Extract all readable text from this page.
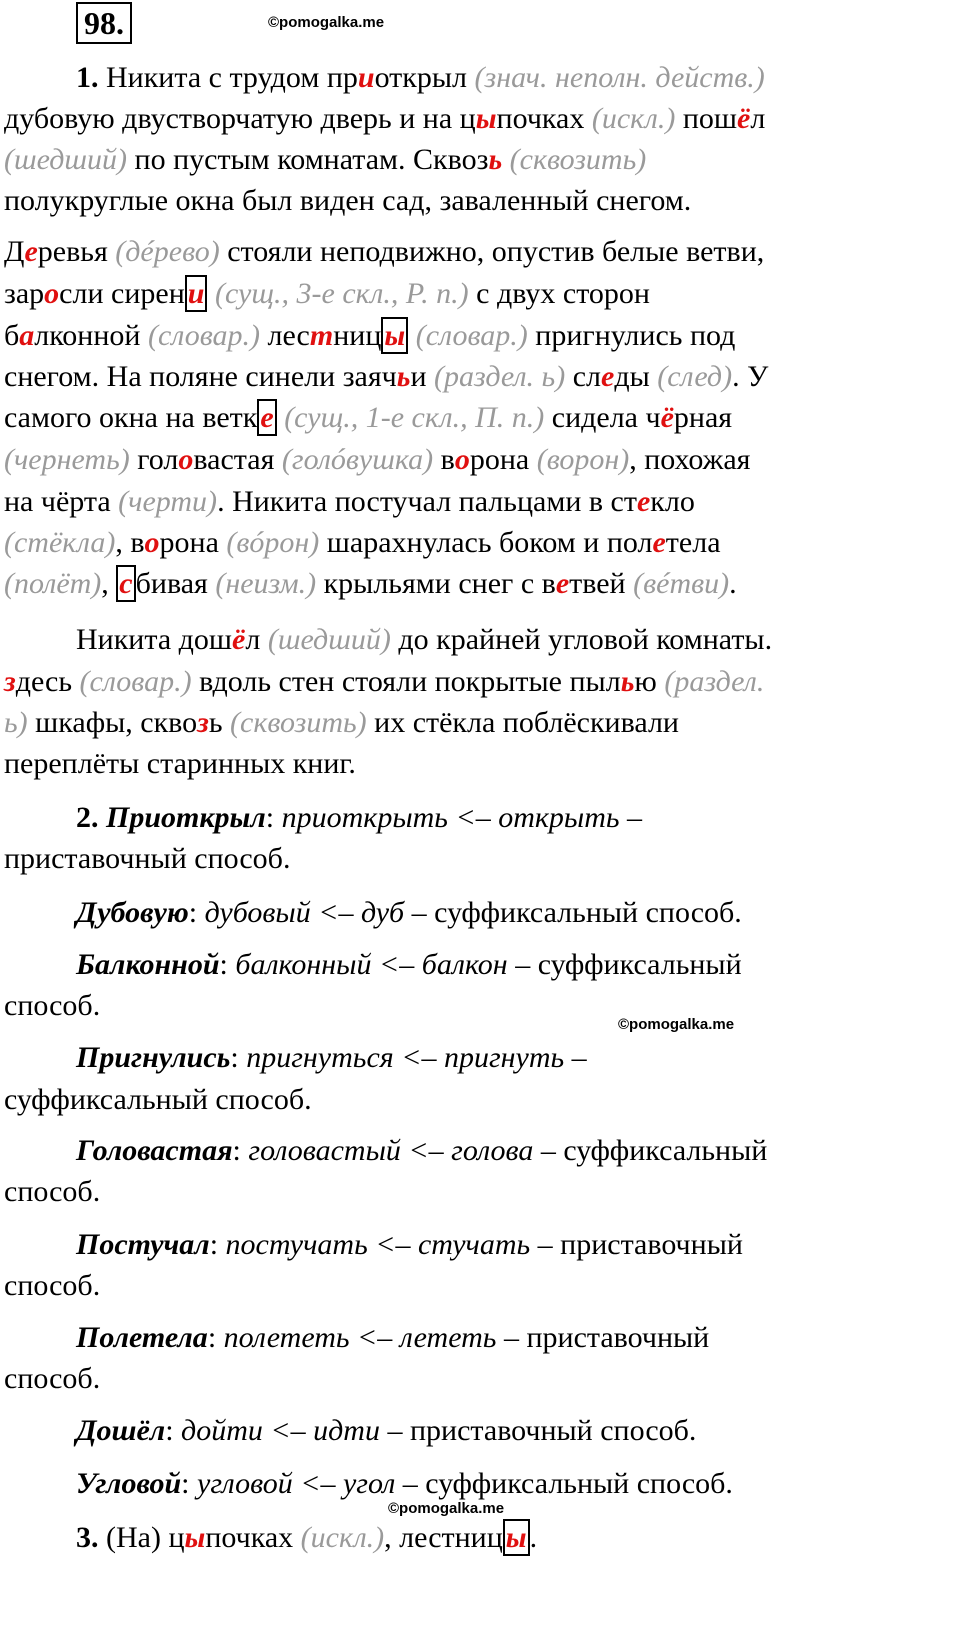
98.	©pomogalka.me
1. Никита с трудом приоткрыл (знач. неполн. действ.)
дубовую двустворчатую дверь и на цыпочках (искл.) пошёл
(шедший) по пустым комнатам. Сквозь (сквозить)
полукруглые окна был виден сад, заваленный снегом.
Деревья (дéрево) стояли неподвижно, опустив белые ветви,
заросли сирен и (сущ., 3-е скл., Р. п.) с двух сторон
балконной (словар.) лестниц ы (словар.) пригнулись под
снегом. На поляне синели заячьи (раздел. ь) следы (след). У
самого окна на ветк е (сущ., 1-е скл., П. п.) сидела чёрная
(чернеть) головастая (голóвушка) ворона (ворон), похожая
на чёрта (черти). Никита постучал пальцами в стекло
(стёкла), ворона (вóрон) шарахнулась боком и полетела
(полёт), с бивая (неизм.) крыльями снег с ветвей (вéтви).
Никита дошёл (шедший) до крайней угловой комнаты.
здесь (словар.) вдоль стен стояли покрытые пылью (раздел.
ь) шкафы, сквозь (сквозить) их стёкла поблёскивали
переплёты старинных книг.
2. Приоткрыл: приоткрыть <– открыть –
приставочный способ.
Дубовую: дубовый <– дуб – суффиксальный способ.
Балконной: балконный <– балкон – суффиксальный
способ.
©pomogalka.me
Пригнулись: пригнуться <– пригнуть –
суффиксальный способ.
Головастая: головастый <– голова – суффиксальный
способ.
Постучал: постучать <– стучать – приставочный
способ.
Полетела: полететь <– лететь – приставочный
способ.
Дошёл: дойти <– идти – приставочный способ.
Угловой: угловой <– угол – суффиксальный способ.
©pomogalka.me
3. (На) цыпочках (искл.), лестниц ы .
